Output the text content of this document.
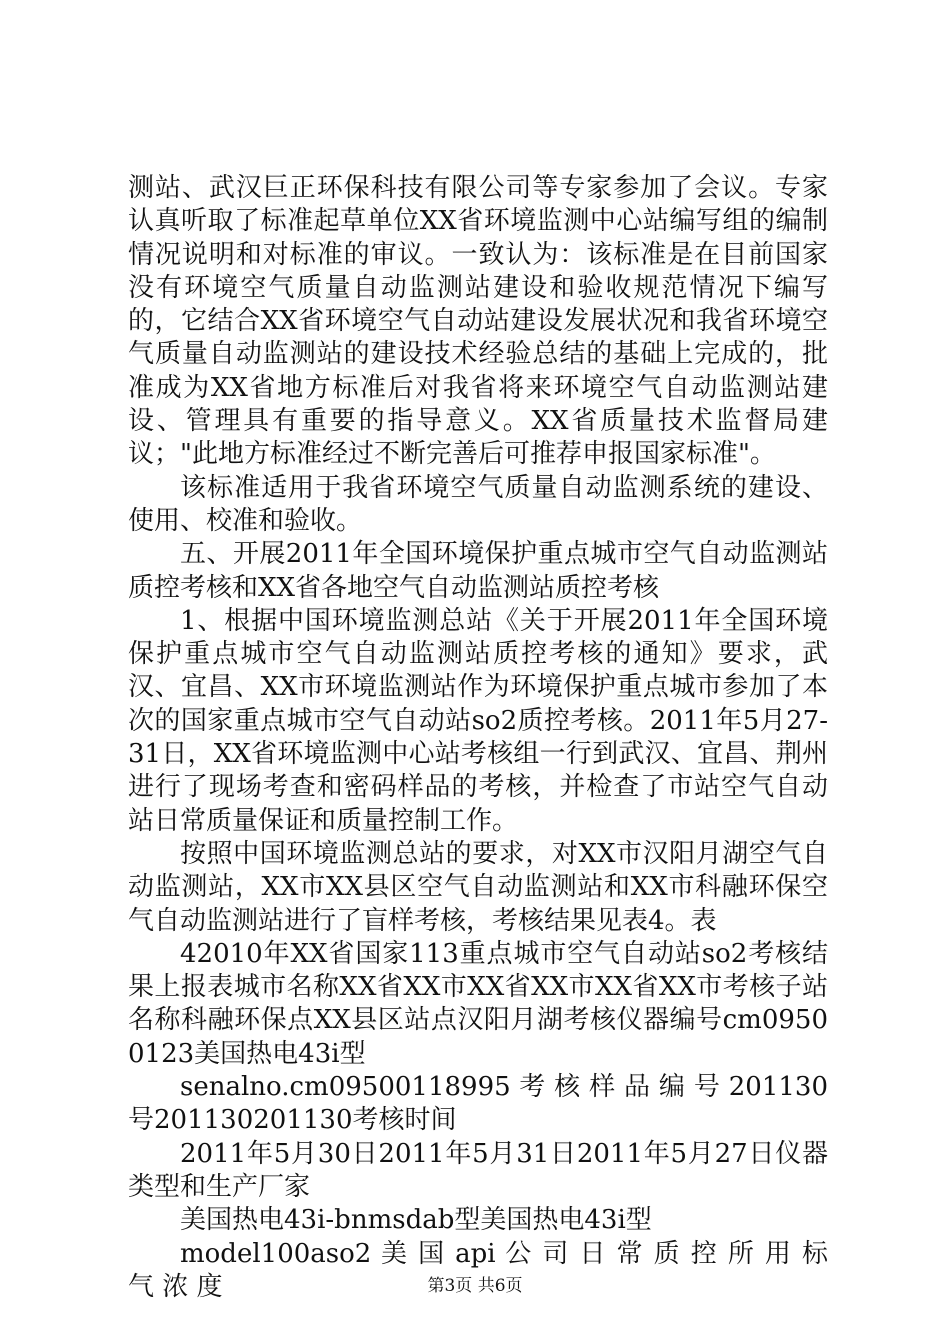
测站、武汉巨正环保科技有限公司等专家参加了会议。专家认真听取了标准起草单位XX省环境监测中心站编写组的编制情况说明和对标准的审议。一致认为：该标准是在目前国家没有环境空气质量自动监测站建设和验收规范情况下编写的，它结合XX省环境空气自动站建设发展状况和我省环境空气质量自动监测站的建设技术经验总结的基础上完成的，批准成为XX省地方标准后对我省将来环境空气自动监测站建设、管理具有重要的指导意义。XX省质量技术监督局建议；"此地方标准经过不断完善后可推荐申报国家标准"。

该标准适用于我省环境空气质量自动监测系统的建设、使用、校准和验收。

五、开展2011年全国环境保护重点城市空气自动监测站质控考核和XX省各地空气自动监测站质控考核

1、根据中国环境监测总站《关于开展2011年全国环境保护重点城市空气自动监测站质控考核的通知》要求，武汉、宜昌、XX市环境监测站作为环境保护重点城市参加了本次的国家重点城市空气自动站so2质控考核。2011年5月27-31日，XX省环境监测中心站考核组一行到武汉、宜昌、荆州进行了现场考查和密码样品的考核，并检查了市站空气自动站日常质量保证和质量控制工作。

按照中国环境监测总站的要求，对XX市汉阳月湖空气自动监测站，XX市XX县区空气自动监测站和XX市科融环保空气自动监测站进行了盲样考核，考核结果见表4。表

42010年XX省国家113重点城市空气自动站so2考核结果上报表城市名称XX省XX市XX省XX市XX省XX市考核子站名称科融环保点XX县区站点汉阳月湖考核仪器编号cm09500123美国热电43i型

senalno.cm09500118995 考 核 样 品 编 号 201130 号201130201130考核时间

2011年5月30日2011年5月31日2011年5月27日仪器类型和生产厂家

美国热电43i-bnmsdab型美国热电43i型

model100aso2 美 国 api 公 司 日 常 质 控 所 用 标 气 浓 度	第3页 共6页
